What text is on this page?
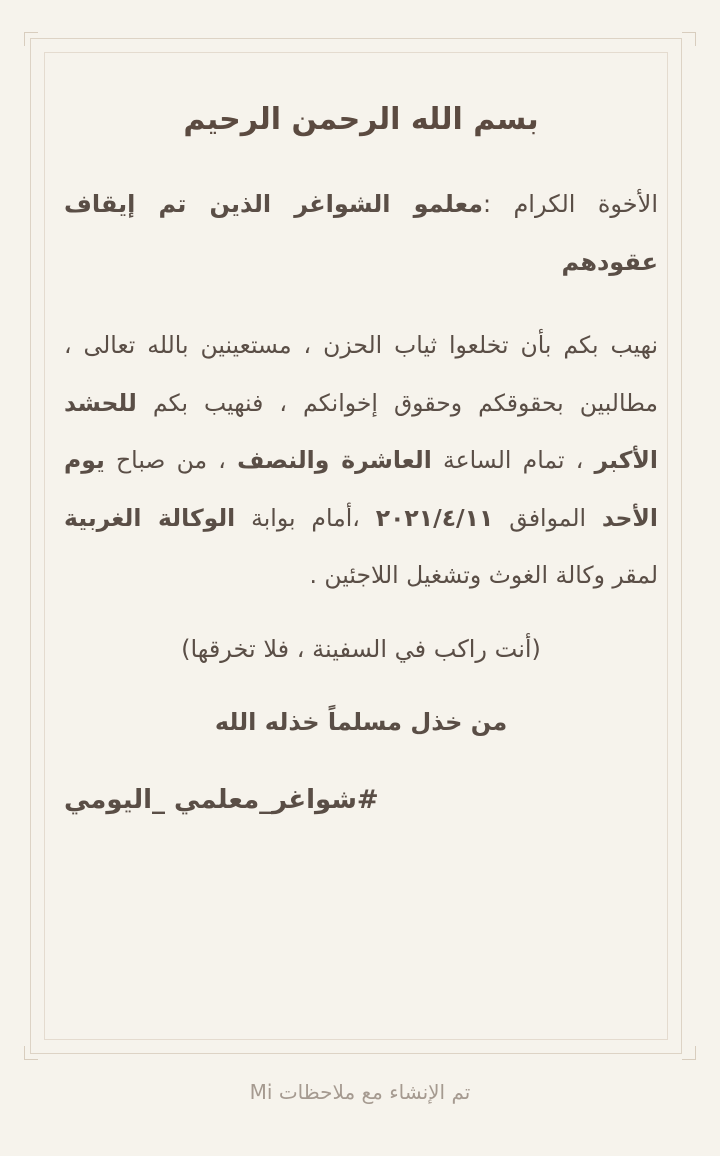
بسم الله الرحمن الرحيم

الأخوة الكرام :معلمو الشواغر الذين تم إيقاف عقودهم

نهيب بكم بأن تخلعوا ثياب الحزن ، مستعينين بالله تعالى ، مطالبين بحقوقكم وحقوق إخوانكم ، فنهيب بكم للحشد الأكبر ، تمام الساعة العاشرة والنصف ، من صباح يوم الأحد الموافق ٢٠٢١/٤/١١ ،أمام بوابة الوكالة الغربية لمقر وكالة الغوث وتشغيل اللاجئين .

(أنت راكب في السفينة ، فلا تخرقها)
من خذل مسلماً خذله الله
#شواغر_معلمي _اليومي
تم الإنشاء مع ملاحظات Mi
